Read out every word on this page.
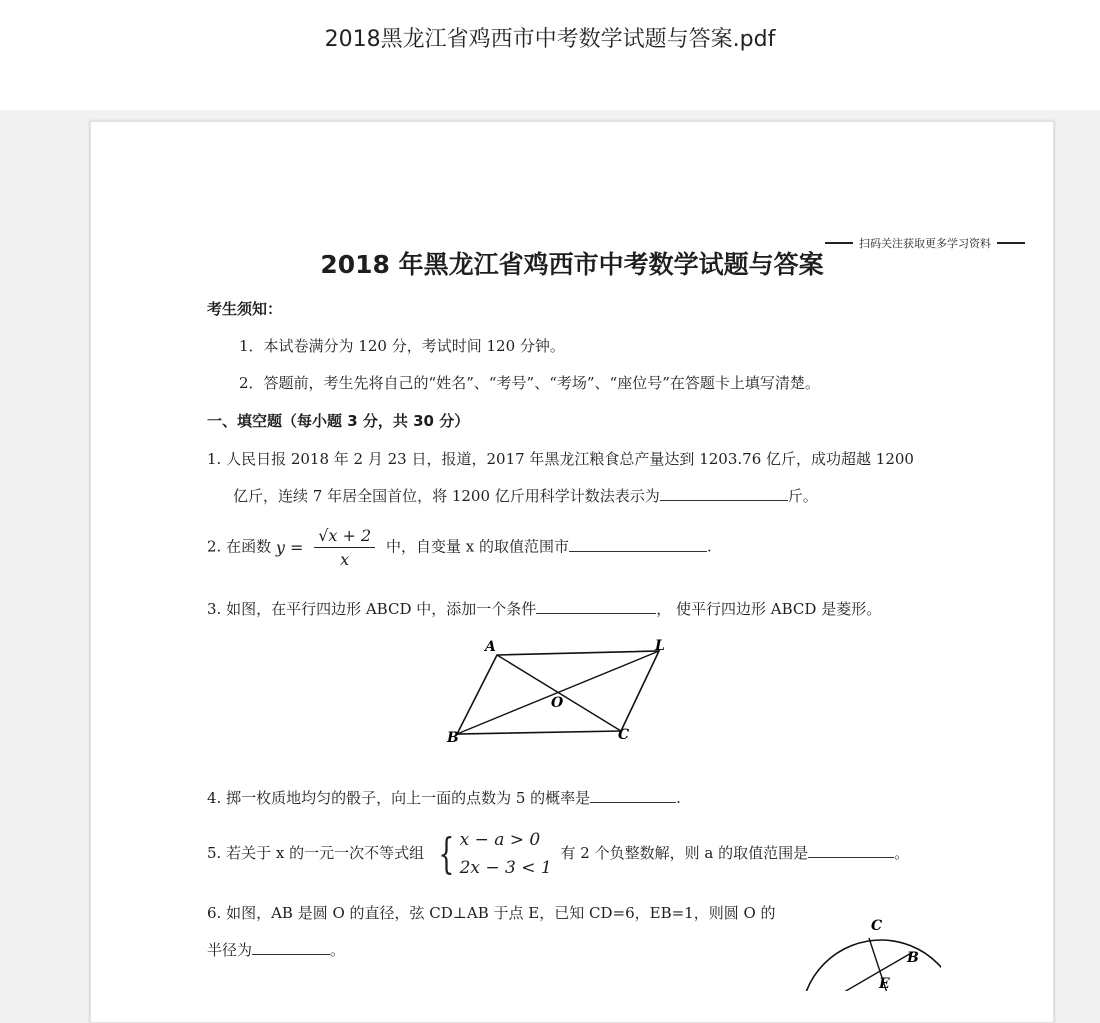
2018黑龙江省鸡西市中考数学试题与答案.pdf
扫码关注获取更多学习资料
2018 年黑龙江省鸡西市中考数学试题与答案
考生须知：
1．本试卷满分为 120 分，考试时间 120 分钟。
2．答题前，考生先将自己的“姓名”、“考号”、“考场”、“座位号”在答题卡上填写清楚。
一、填空题（每小题 3 分，共 30 分）
1. 人民日报 2018 年 2 月 23 日，报道，2017 年黑龙江粮食总产量达到 1203.76 亿斤，成功超越 1200
亿斤，连续 7 年居全国首位，将 1200 亿斤用科学计数法表示为	斤。
2. 在函数 $y = \frac{√x + 2}{x}$ 中，自变量 x 的取值范围市	.
3. 如图，在平行四边形 ABCD 中，添加一个条件	， 使平行四边形 ABCD 是菱形。
A	L
B	C
O
4. 掷一枚质地均匀的骰子，向上一面的点数为 5 的概率是	.
5. 若关于 x 的一元一次不等式组 { x − a > 0
2x − 3 < 1
有 2 个负整数解，则 a 的取值范围是	。
6. 如图，AB 是圆 O 的直径，弦 CD⊥AB 于点 E，已知 CD=6，EB=1，则圆 O 的
半径为	。
C
B
E
